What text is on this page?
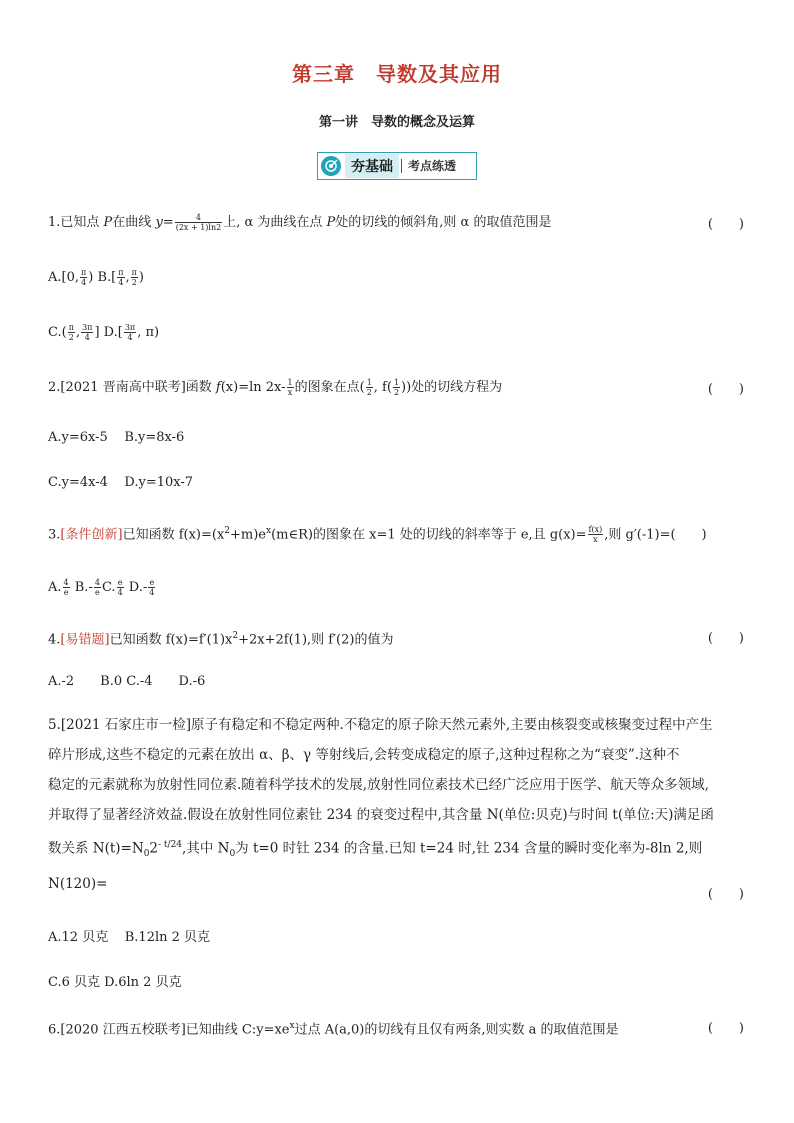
第三章　导数及其应用
第一讲　导数的概念及运算
夯基础	考点练透
1.已知点 P在曲线 $y= \frac{4}{(2x + 1)\ln 2}$ 上, α 为曲线在点 P处的切线的倾斜角,则 α 的取值范围是	(　　)
A.[0, $\frac{\pi}{4}$ ) $B.[ \frac{\pi}{4}$ , $\frac{\pi}{2}$ )
$C.( \frac{\pi}{2}$ , $\frac{3\pi}{4}$ ] $D.[ \frac{3\pi}{4}$ , π)
2.[2021 晋南高中联考]函数 f(x)=ln $2x- \frac{1}{x}$ 的图象在点( $\frac{1}{2}$ , $f( \frac{1}{2}$ ))处的切线方程为	(　　)
A.y=6x-5 B.y=8x-6
C.y=4x-4 D.y=10x-7
3.[条件创新]已知函数 $f(x)=(x^2+m)e^x(m\in R)$的图象在 x=1 处的切线的斜率等于 e,且 $g(x)= \frac{f(x)}{x}$ ,则 g′(-1)=(　　)
A. $\frac{4}{e} B.- \frac{4}{e} C$. $\frac{e}{4} D.- \frac{e}{4}$
4.[易错题]已知函数 $f(x)=f'(1)x^2+2x+2f(1)$,则 f′(2)的值为	(　　)
A.-2　　B.0 C.-4　　D.-6
5.[2021 石家庄市一检]原子有稳定和不稳定两种.不稳定的原子除天然元素外,主要由核裂变或核聚变过程中产生
碎片形成,这些不稳定的元素在放出 α、β、γ 等射线后,会转变成稳定的原子,这种过程称之为“衰变”.这种不
稳定的元素就称为放射性同位素.随着科学技术的发展,放射性同位素技术已经广泛应用于医学、航天等众多领域,
并取得了显著经济效益.假设在放射性同位素钍 234 的衰变过程中,其含量 N(单位:贝克)与时间 t(单位:天)满足函
数关系 $N(t)=N_02^{- t/24}$,其中 $N_0$为 t=0 时钍 234 的含量.已知 t=24 时,钍 234 含量的瞬时变化率为-8ln 2,则 N(120)=
(　　)
A.12 贝克 B.12ln 2 贝克
C.6 贝克 D.6ln 2 贝克
6.[2020 江西五校联考]已知曲线 $C:y=xe^x$过点 A(a,0)的切线有且仅有两条,则实数 a 的取值范围是	(　　)
